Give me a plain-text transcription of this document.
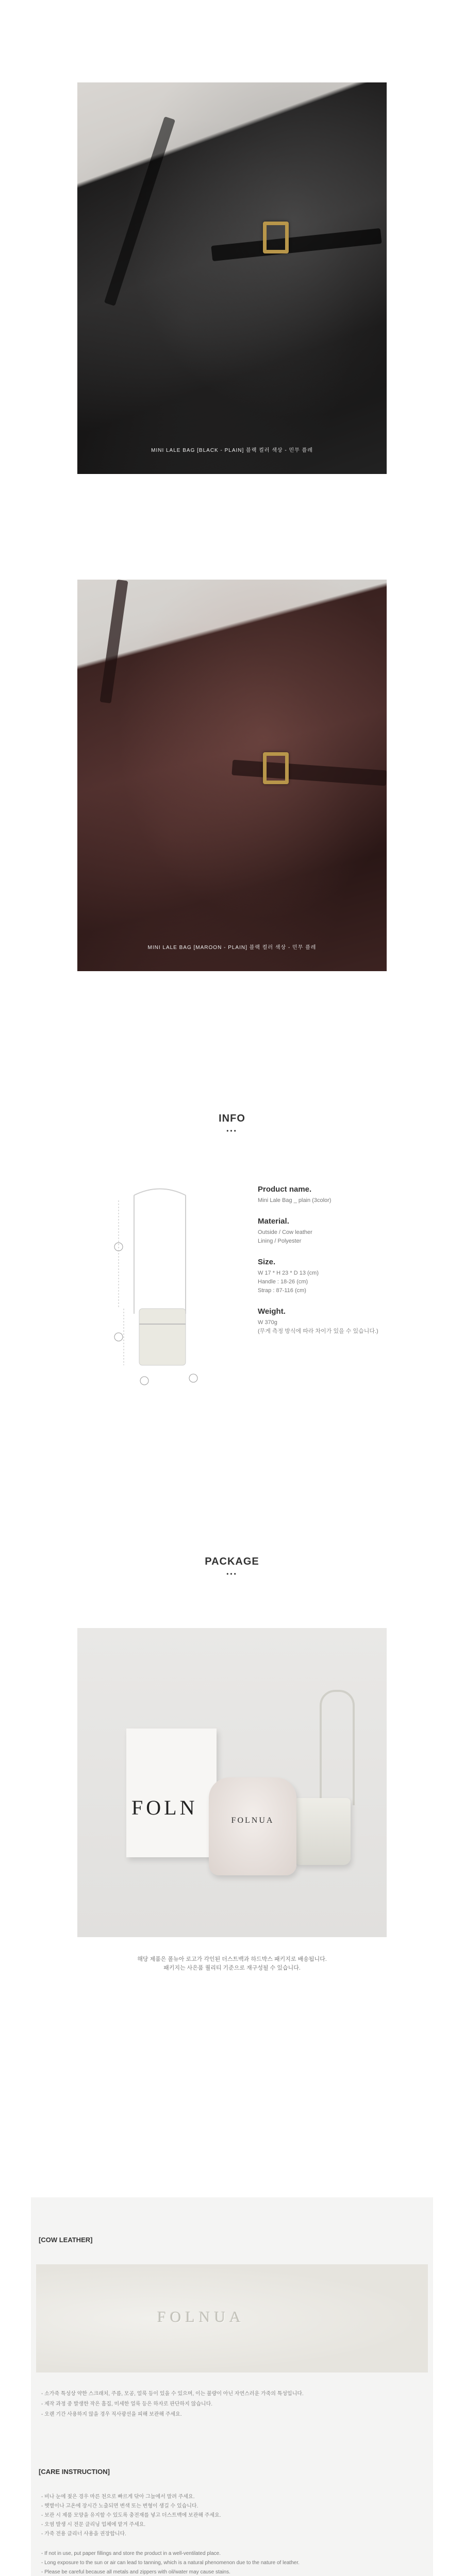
MINI LALE BAG [BLACK - PLAIN] 블랙 컬러 색상 - 민무 플레
MINI LALE BAG [MAROON - PLAIN] 블랙 컬러 색상 - 민무 플레
INFO
•••

Product name.

Mini Lale Bag _ plain (3color)

Material.

Outside / Cow leather

Lining / Polyester

Size.

W 17 * H 23 * D 13 (cm)

Handle : 18-26 (cm)

Strap : 87-116 (cm)

Weight.

W 370g

(무게 측정 방식에 따라 차이가 있을 수 있습니다.)

PACKAGE
•••
FOLN
FOLNUA
해당 제품은 폴뉴아 로고가 각인된 더스트백과 하드박스 패키지로 배송됩니다.
패키지는 사은품 퀄리티 기준으로 재구성될 수 있습니다.
[COW LEATHER]
FOLNUA
- 소가죽 특성상 약한 스크래치, 주름, 모공, 얼룩 등이 있을 수 있으며, 이는 불량이 아닌 자연스러운 가죽의 특성입니다.
- 제작 과정 중 발생한 작은 흠집, 미세한 얼룩 등은 하자로 판단하지 않습니다.
- 오랜 기간 사용하지 않을 경우 직사광선을 피해 보관해 주세요.
[CARE INSTRUCTION]
- 비나 눈에 젖은 경우 마른 천으로 빠르게 닦아 그늘에서 말려 주세요.
- 햇볕이나 고온에 장시간 노출되면 변색 또는 변형이 생길 수 있습니다.
- 보관 시 제품 모양을 유지할 수 있도록 충전재를 넣고 더스트백에 보관해 주세요.
- 오염 발생 시 전문 클리닝 업체에 맡겨 주세요.
- 가죽 전용 클리너 사용을 권장합니다.
- If not in use, put paper fillings and store the product in a well-ventilated place.
- Long exposure to the sun or air can lead to tanning, which is a natural phenomenon due to the nature of leather.
- Please be careful because all metals and zippers with oil/water may cause stains.
